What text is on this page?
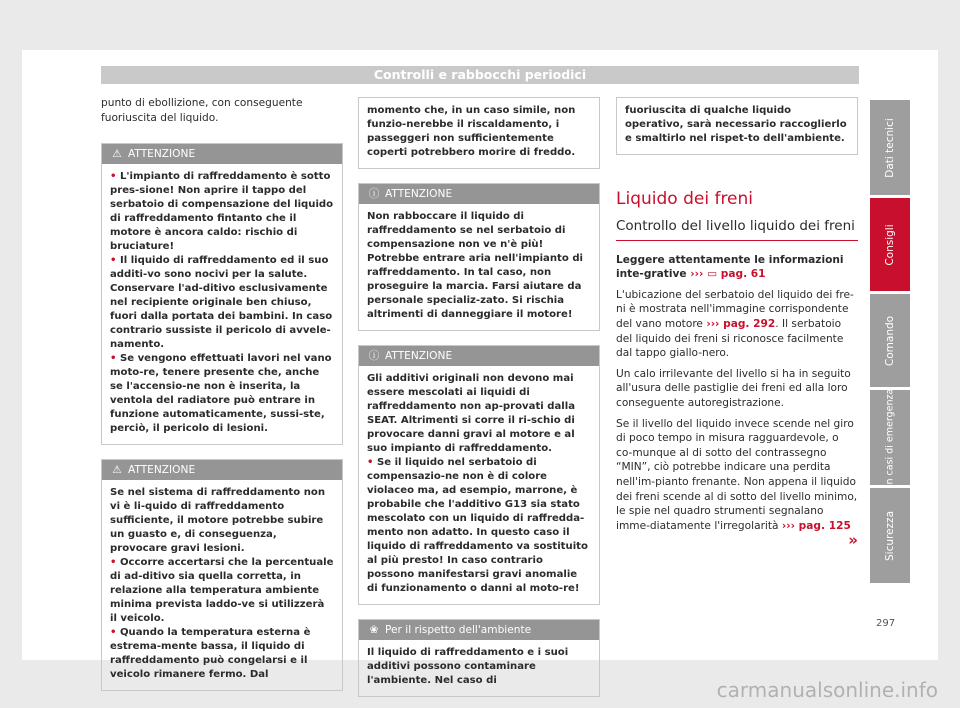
Controlli e rabbocchi periodici

punto di ebollizione, con conseguente fuoriuscita del liquido.

⚠ ATTENZIONE

• L'impianto di raffreddamento è sotto pres-sione! Non aprire il tappo del serbatoio di compensazione del liquido di raffreddamento fintanto che il motore è ancora caldo: rischio di bruciature!

• Il liquido di raffreddamento ed il suo additi-vo sono nocivi per la salute. Conservare l'ad-ditivo esclusivamente nel recipiente originale ben chiuso, fuori dalla portata dei bambini. In caso contrario sussiste il pericolo di avvele-namento.

• Se vengono effettuati lavori nel vano moto-re, tenere presente che, anche se l'accensio-ne non è inserita, la ventola del radiatore può entrare in funzione automaticamente, sussi-ste, perciò, il pericolo di lesioni.

⚠ ATTENZIONE

Se nel sistema di raffreddamento non vi è li-quido di raffreddamento sufficiente, il motore potrebbe subire un guasto e, di conseguenza, provocare gravi lesioni.

• Occorre accertarsi che la percentuale di ad-ditivo sia quella corretta, in relazione alla temperatura ambiente minima prevista laddo-ve si utilizzerà il veicolo.

• Quando la temperatura esterna è estrema-mente bassa, il liquido di raffreddamento può congelarsi e il veicolo rimanere fermo. Dal

momento che, in un caso simile, non funzio-nerebbe il riscaldamento, i passeggeri non sufficientemente coperti potrebbero morire di freddo.
ⓘ ATTENZIONE
Non rabboccare il liquido di raffreddamento se nel serbatoio di compensazione non ve n'è più! Potrebbe entrare aria nell'impianto di raffreddamento. In tal caso, non proseguire la marcia. Farsi aiutare da personale specializ-zato. Si rischia altrimenti di danneggiare il motore!
ⓘ ATTENZIONE

Gli additivi originali non devono mai essere mescolati ai liquidi di raffreddamento non ap-provati dalla SEAT. Altrimenti si corre il ri-schio di provocare danni gravi al motore e al suo impianto di raffreddamento.

• Se il liquido nel serbatoio di compensazio-ne non è di colore violaceo ma, ad esempio, marrone, è probabile che l'additivo G13 sia stato mescolato con un liquido di raffredda-mento non adatto. In questo caso il liquido di raffreddamento va sostituito al più presto! In caso contrario possono manifestarsi gravi anomalie di funzionamento o danni al moto-re!

❀ Per il rispetto dell'ambiente
Il liquido di raffreddamento e i suoi additivi possono contaminare l'ambiente. Nel caso di
fuoriuscita di qualche liquido operativo, sarà necessario raccoglierlo e smaltirlo nel rispet-to dell'ambiente.
Liquido dei freni
Controllo del livello liquido dei freni

Leggere attentamente le informazioni inte-grative ››› ▭ pag. 61

L'ubicazione del serbatoio del liquido dei fre-ni è mostrata nell'immagine corrispondente del vano motore ››› pag. 292. Il serbatoio del liquido dei freni si riconosce facilmente dal tappo giallo-nero.

Un calo irrilevante del livello si ha in seguito all'usura delle pastiglie dei freni ed alla loro conseguente autoregistrazione.

Se il livello del liquido invece scende nel giro di poco tempo in misura ragguardevole, o co-munque al di sotto del contrassegno “MIN”, ciò potrebbe indicare una perdita nell'im-pianto frenante. Non appena il liquido dei freni scende al di sotto del livello minimo, le spie nel quadro strumenti segnalano imme-diatamente l'irregolarità ››› pag. 125
»

Dati tecnici
Consigli
Comando
In casi di emergenza
Sicurezza
297
carmanualsonline.info
